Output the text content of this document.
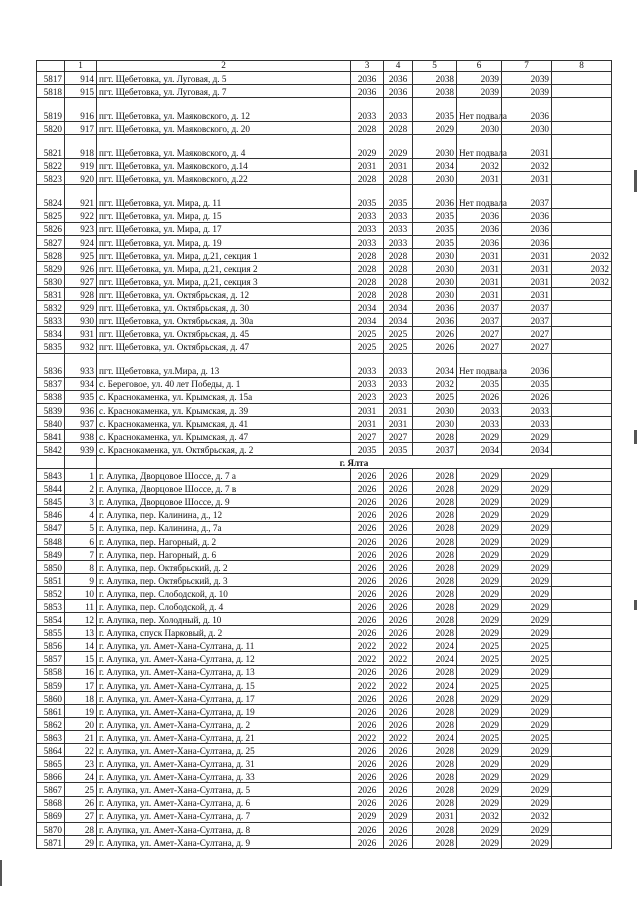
	1	2	3	4	5	6	7	8
5817	914	пгт. Щебетовка, ул. Луговая, д. 5	2036	2036	2038	2039	2039	
5818	915	пгт. Щебетовка, ул. Луговая, д. 7	2036	2036	2038	2039	2039	
5819	916	пгт. Щебетовка, ул. Маяковского, д. 12	2033	2033	2035	Нет подвала	2036	
5820	917	пгт. Щебетовка, ул. Маяковского, д. 20	2028	2028	2029	2030	2030	
5821	918	пгт. Щебетовка, ул. Маяковского, д. 4	2029	2029	2030	Нет подвала	2031	
5822	919	пгт. Щебетовка, ул. Маяковского, д.14	2031	2031	2034	2032	2032	
5823	920	пгт. Щебетовка, ул. Маяковского, д.22	2028	2028	2030	2031	2031	
5824	921	пгт. Щебетовка, ул. Мира, д. 11	2035	2035	2036	Нет подвала	2037	
5825	922	пгт. Щебетовка, ул. Мира, д. 15	2033	2033	2035	2036	2036	
5826	923	пгт. Щебетовка, ул. Мира, д. 17	2033	2033	2035	2036	2036	
5827	924	пгт. Щебетовка, ул. Мира, д. 19	2033	2033	2035	2036	2036	
5828	925	пгт. Щебетовка, ул. Мира, д.21, секция 1	2028	2028	2030	2031	2031	2032
5829	926	пгт. Щебетовка, ул. Мира, д.21, секция 2	2028	2028	2030	2031	2031	2032
5830	927	пгт. Щебетовка, ул. Мира, д.21, секция 3	2028	2028	2030	2031	2031	2032
5831	928	пгт. Щебетовка, ул. Октябрьская, д. 12	2028	2028	2030	2031	2031	
5832	929	пгт. Щебетовка, ул. Октябрьская, д. 30	2034	2034	2036	2037	2037	
5833	930	пгт. Щебетовка, ул. Октябрьская, д. 30а	2034	2034	2036	2037	2037	
5834	931	пгт. Щебетовка, ул. Октябрьская, д. 45	2025	2025	2026	2027	2027	
5835	932	пгт. Щебетовка, ул. Октябрьская, д. 47	2025	2025	2026	2027	2027	
5836	933	пгт. Щебетовка, ул.Мира, д. 13	2033	2033	2034	Нет подвала	2036	
5837	934	с. Береговое, ул. 40 лет Победы, д. 1	2033	2033	2032	2035	2035	
5838	935	с. Краснокаменка, ул. Крымская, д. 15а	2023	2023	2025	2026	2026	
5839	936	с. Краснокаменка, ул. Крымская, д. 39	2031	2031	2030	2033	2033	
5840	937	с. Краснокаменка, ул. Крымская, д. 41	2031	2031	2030	2033	2033	
5841	938	с. Краснокаменка, ул. Крымская, д. 47	2027	2027	2028	2029	2029	
5842	939	с. Краснокаменка, ул. Октябрьская, д. 2	2035	2035	2037	2034	2034	
		г. Ялта						
5843	1	г. Алупка, Дворцовое Шоссе, д. 7 а	2026	2026	2028	2029	2029	
5844	2	г. Алупка, Дворцовое Шоссе, д. 7 в	2026	2026	2028	2029	2029	
5845	3	г. Алупка, Дворцовое Шоссе, д. 9	2026	2026	2028	2029	2029	
5846	4	г. Алупка, пер. Калинина, д., 12	2026	2026	2028	2029	2029	
5847	5	г. Алупка, пер. Калинина, д., 7а	2026	2026	2028	2029	2029	
5848	6	г. Алупка, пер. Нагорный, д. 2	2026	2026	2028	2029	2029	
5849	7	г. Алупка, пер. Нагорный, д. 6	2026	2026	2028	2029	2029	
5850	8	г. Алупка, пер. Октябрьский, д. 2	2026	2026	2028	2029	2029	
5851	9	г. Алупка, пер. Октябрьский, д. 3	2026	2026	2028	2029	2029	
5852	10	г. Алупка, пер. Слободской, д. 10	2026	2026	2028	2029	2029	
5853	11	г. Алупка, пер. Слободской, д. 4	2026	2026	2028	2029	2029	
5854	12	г. Алупка, пер. Холодный, д. 10	2026	2026	2028	2029	2029	
5855	13	г. Алупка, спуск Парковый, д. 2	2026	2026	2028	2029	2029	
5856	14	г. Алупка, ул. Амет-Хана-Султана, д. 11	2022	2022	2024	2025	2025	
5857	15	г. Алупка, ул. Амет-Хана-Султана, д. 12	2022	2022	2024	2025	2025	
5858	16	г. Алупка, ул. Амет-Хана-Султана, д. 13	2026	2026	2028	2029	2029	
5859	17	г. Алупка, ул. Амет-Хана-Султана, д. 15	2022	2022	2024	2025	2025	
5860	18	г. Алупка, ул. Амет-Хана-Султана, д. 17	2026	2026	2028	2029	2029	
5861	19	г. Алупка, ул. Амет-Хана-Султана, д. 19	2026	2026	2028	2029	2029	
5862	20	г. Алупка, ул. Амет-Хана-Султана, д. 2	2026	2026	2028	2029	2029	
5863	21	г. Алупка, ул. Амет-Хана-Султана, д. 21	2022	2022	2024	2025	2025	
5864	22	г. Алупка, ул. Амет-Хана-Султана, д. 25	2026	2026	2028	2029	2029	
5865	23	г. Алупка, ул. Амет-Хана-Султана, д. 31	2026	2026	2028	2029	2029	
5866	24	г. Алупка, ул. Амет-Хана-Султана, д. 33	2026	2026	2028	2029	2029	
5867	25	г. Алупка, ул. Амет-Хана-Султана, д. 5	2026	2026	2028	2029	2029	
5868	26	г. Алупка, ул. Амет-Хана-Султана, д. 6	2026	2026	2028	2029	2029	
5869	27	г. Алупка, ул. Амет-Хана-Султана, д. 7	2029	2029	2031	2032	2032	
5870	28	г. Алупка, ул. Амет-Хана-Султана, д. 8	2026	2026	2028	2029	2029	
5871	29	г. Алупка, ул. Амет-Хана-Султана, д. 9	2026	2026	2028	2029	2029	
